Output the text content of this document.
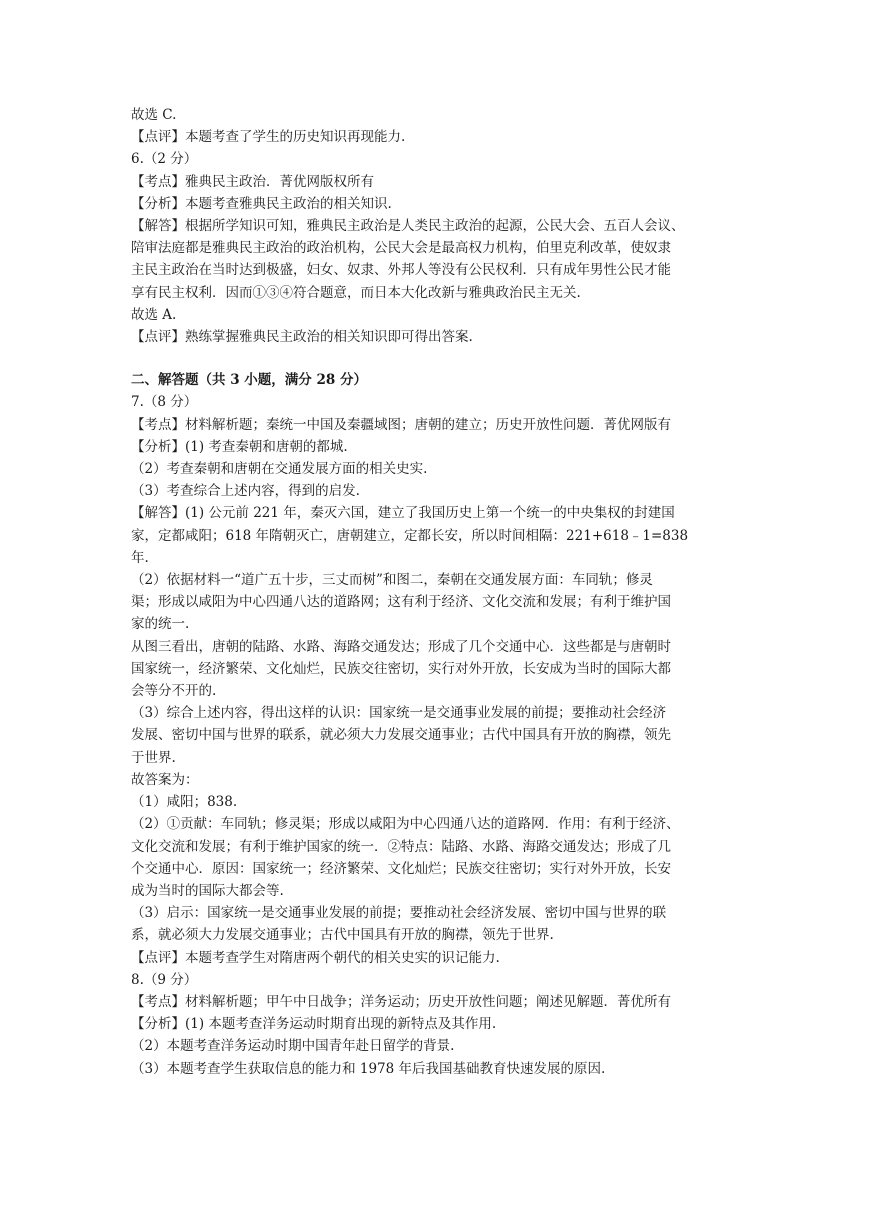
故选 C.
【点评】本题考查了学生的历史知识再现能力.
6.（2 分）
【考点】雅典民主政治．菁优网版权所有
【分析】本题考查雅典民主政治的相关知识.
【解答】根据所学知识可知，雅典民主政治是人类民主政治的起源，公民大会、五百人会议、
陪审法庭都是雅典民主政治的政治机构，公民大会是最高权力机构，伯里克利改革，使奴隶
主民主政治在当时达到极盛，妇女、奴隶、外邦人等没有公民权利．只有成年男性公民才能
享有民主权利．因而①③④符合题意，而日本大化改新与雅典政治民主无关.
故选 A.
【点评】熟练掌握雅典民主政治的相关知识即可得出答案.
二、解答题（共 3 小题，满分 28 分）
7.（8 分）
【考点】材料解析题；秦统一中国及秦疆域图；唐朝的建立；历史开放性问题．菁优网版有
【分析】(1) 考查秦朝和唐朝的都城.
（2）考查秦朝和唐朝在交通发展方面的相关史实.
（3）考查综合上述内容，得到的启发.
【解答】(1) 公元前 221 年，秦灭六国，建立了我国历史上第一个统一的中央集权的封建国
家，定都咸阳；618 年隋朝灭亡，唐朝建立，定都长安，所以时间相隔：221+618﹣1=838
年.
（2）依据材料一“道广五十步，三丈而树”和图二，秦朝在交通发展方面：车同轨；修灵
渠；形成以咸阳为中心四通八达的道路网；这有利于经济、文化交流和发展；有利于维护国
家的统一.
从图三看出，唐朝的陆路、水路、海路交通发达；形成了几个交通中心．这些都是与唐朝时
国家统一，经济繁荣、文化灿烂，民族交往密切，实行对外开放，长安成为当时的国际大都
会等分不开的.
（3）综合上述内容，得出这样的认识：国家统一是交通事业发展的前提；要推动社会经济
发展、密切中国与世界的联系，就必须大力发展交通事业；古代中国具有开放的胸襟，领先
于世界.
故答案为：
（1）咸阳；838.
（2）①贡献：车同轨；修灵渠；形成以咸阳为中心四通八达的道路网．作用：有利于经济、
文化交流和发展；有利于维护国家的统一．②特点：陆路、水路、海路交通发达；形成了几
个交通中心．原因：国家统一；经济繁荣、文化灿烂；民族交往密切；实行对外开放，长安
成为当时的国际大都会等.
（3）启示：国家统一是交通事业发展的前提；要推动社会经济发展、密切中国与世界的联
系，就必须大力发展交通事业；古代中国具有开放的胸襟，领先于世界.
【点评】本题考查学生对隋唐两个朝代的相关史实的识记能力.
8.（9 分）
【考点】材料解析题；甲午中日战争；洋务运动；历史开放性问题；阐述见解题．菁优所有
【分析】(1) 本题考查洋务运动时期育出现的新特点及其作用.
（2）本题考查洋务运动时期中国青年赴日留学的背景.
（3）本题考查学生获取信息的能力和 1978 年后我国基础教育快速发展的原因.
